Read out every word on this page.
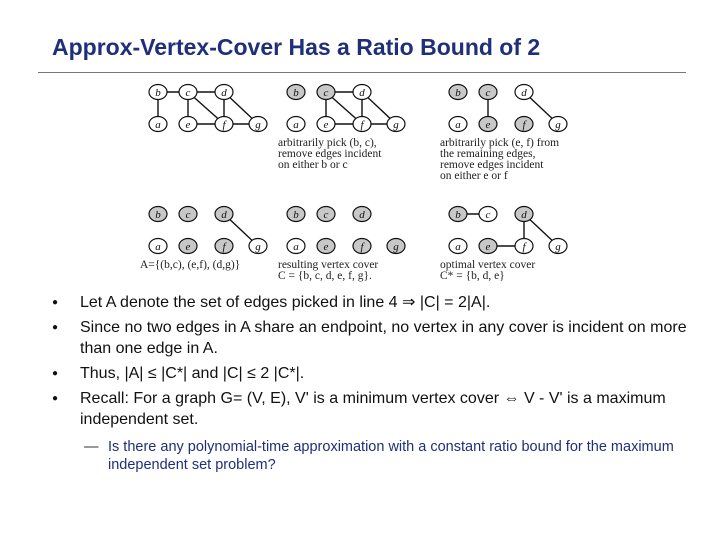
Approx-Vertex-Cover Has a Ratio Bound of 2
a
b c	d
e	f	g	a
b c	d
e	f	g
arbitrarily pick (b, c),
remove edges incident
on either b or c
a
b c	d
e	f	g
arbitrarily pick (e, f) from
the remaining edges,
remove edges incident
on either e or f
a
b c	d
e	f	g
A={(b,c), (e,f), (d,g)}
a
b c	d
e	f	g
resulting vertex cover
C = {b, c, d, e, f, g}.
a
b c	d
e	f	g
optimal vertex cover
C* = {b, d, e}
● Let A denote the set of edges picked in line 4 ⇒ |C| = 2|A|.
● Since no two edges in A share an endpoint, no vertex in any cover is incident on more than one edge in A.
● Thus, |A| ≤ |C*| and |C| ≤ 2 |C*|.
● Recall: For a graph G= (V, E), V' is a minimum vertex cover ⇔ V - V' is a maximum independent set.
— Is there any polynomial-time approximation with a constant ratio bound for the maximum independent set problem?
